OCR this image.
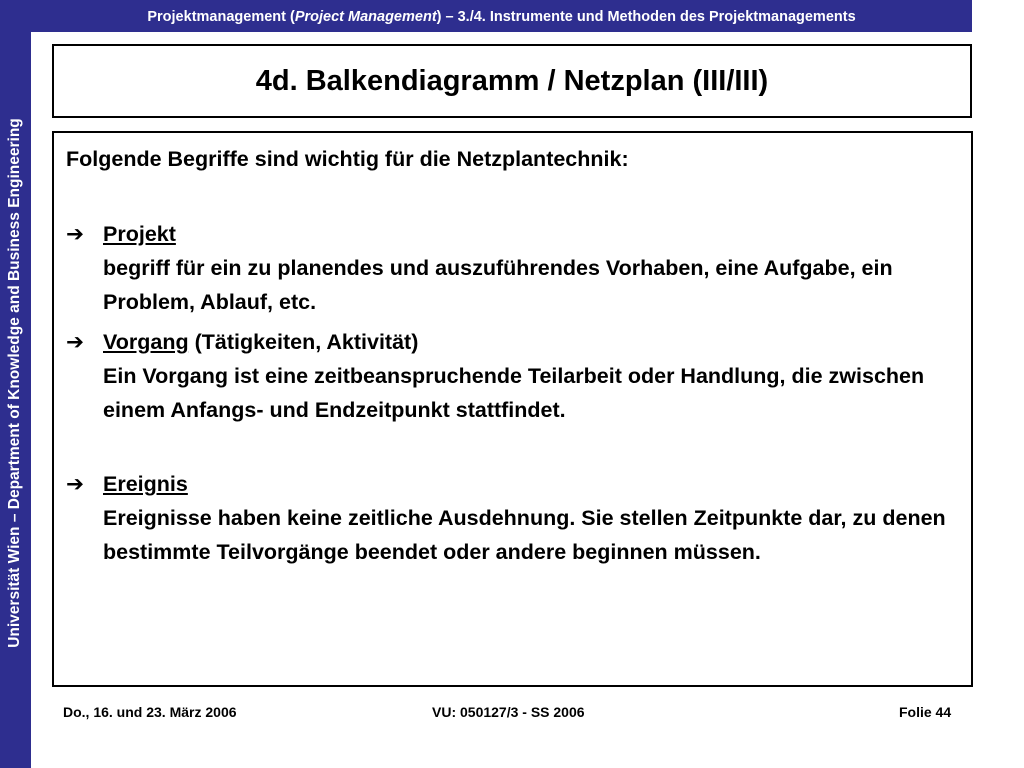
Universität Wien – Department of Knowledge and Business Engineering
Projektmanagement (Project Management) – 3./4. Instrumente und Methoden des Projektmanagements
4d. Balkendiagramm / Netzplan (III/III)
Folgende Begriffe sind wichtig für die Netzplantechnik:
➔ Projekt
begriff für ein zu planendes und auszuführendes Vorhaben, eine Aufgabe, ein Problem, Ablauf, etc.
➔ Vorgang (Tätigkeiten, Aktivität)
Ein Vorgang ist eine zeitbeanspruchende Teilarbeit oder Handlung, die zwischen einem Anfangs- und Endzeitpunkt stattfindet.
➔ Ereignis
Ereignisse haben keine zeitliche Ausdehnung. Sie stellen Zeitpunkte dar, zu denen bestimmte Teilvorgänge beendet oder andere beginnen müssen.
Do., 16. und 23. März 2006	VU: 050127/3 - SS 2006	Folie 44
